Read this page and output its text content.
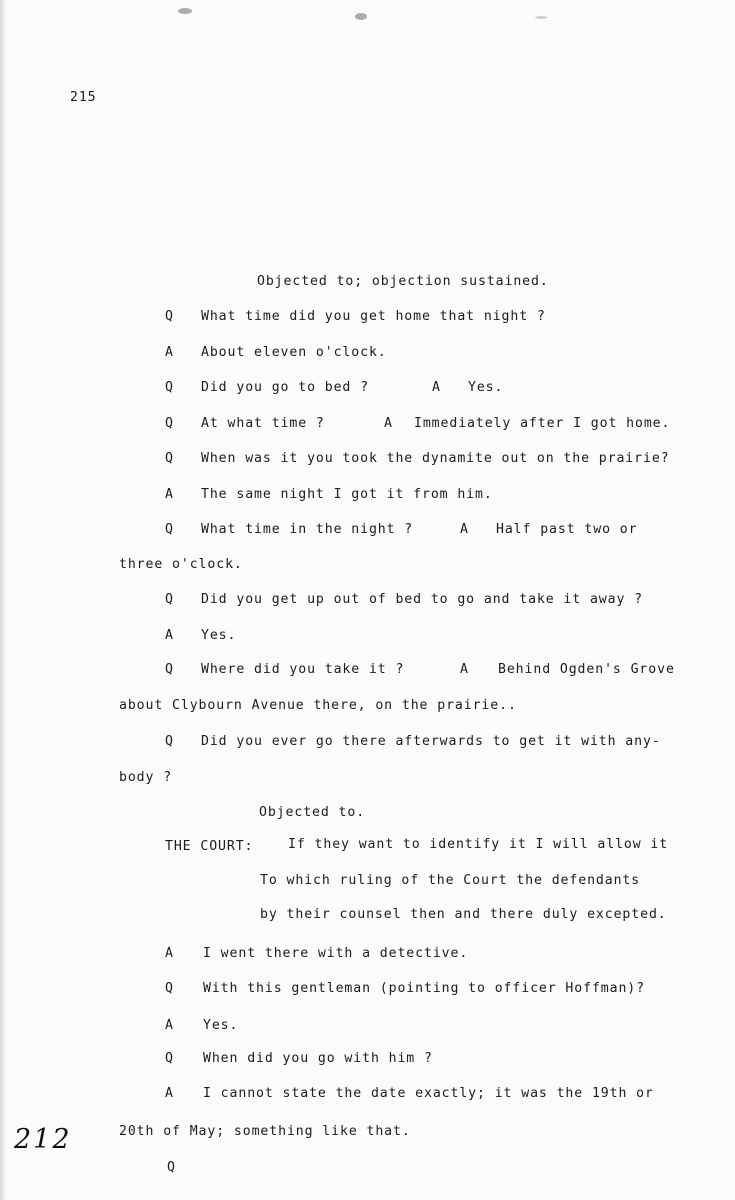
215
Objected to; objection sustained.
Q What time did you get home that night ?
A About eleven o'clock.
Q Did you go to bed ?	A Yes.
Q At what time ?	A Immediately after I got home.
Q When was it you took the dynamite out on the prairie?
A The same night I got it from him.
Q What time in the night ?	A Half past two or
three o'clock.
Q Did you get up out of bed to go and take it away ?
A Yes.
Q Where did you take it ?	A Behind Ogden's Grove
about Clybourn Avenue there, on the prairie..
Q Did you ever go there afterwards to get it with any-
body ?
Objected to.
THE COURT:	If they want to identify it I will allow it
To which ruling of the Court the defendants
by their counsel then and there duly excepted.
A I went there with a detective.
Q With this gentleman (pointing to officer Hoffman)?
A Yes.
Q When did you go with him ?
A I cannot state the date exactly; it was the 19th or
20th of May; something like that.
Q
212
